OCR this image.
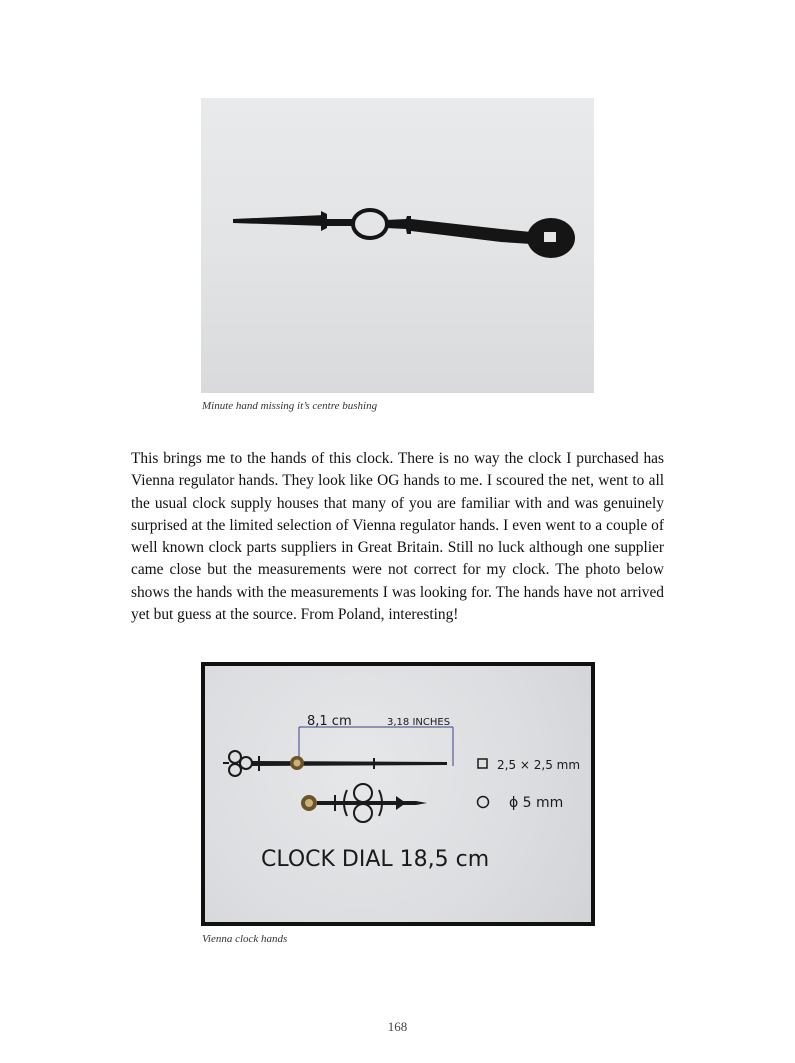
Minute hand missing it’s centre bushing

This brings me to the hands of this clock. There is no way the clock I purchased has Vienna regulator hands. They look like OG hands to me. I scoured the net, went to all the usual clock supply houses that many of you are familiar with and was genuinely surprised at the limited selection of Vienna regulator hands. I even went to a couple of well known clock parts suppliers in Great Britain. Still no luck although one supplier came close but the measurements were not correct for my clock. The photo below shows the hands with the measurements I was looking for. The hands have not arrived yet but guess at the source. From Poland, interesting!

8,1 cm	3,18 INCHES
2,5 × 2,5 mm
ϕ 5 mm
CLOCK DIAL 18,5 cm
Vienna clock hands
168
